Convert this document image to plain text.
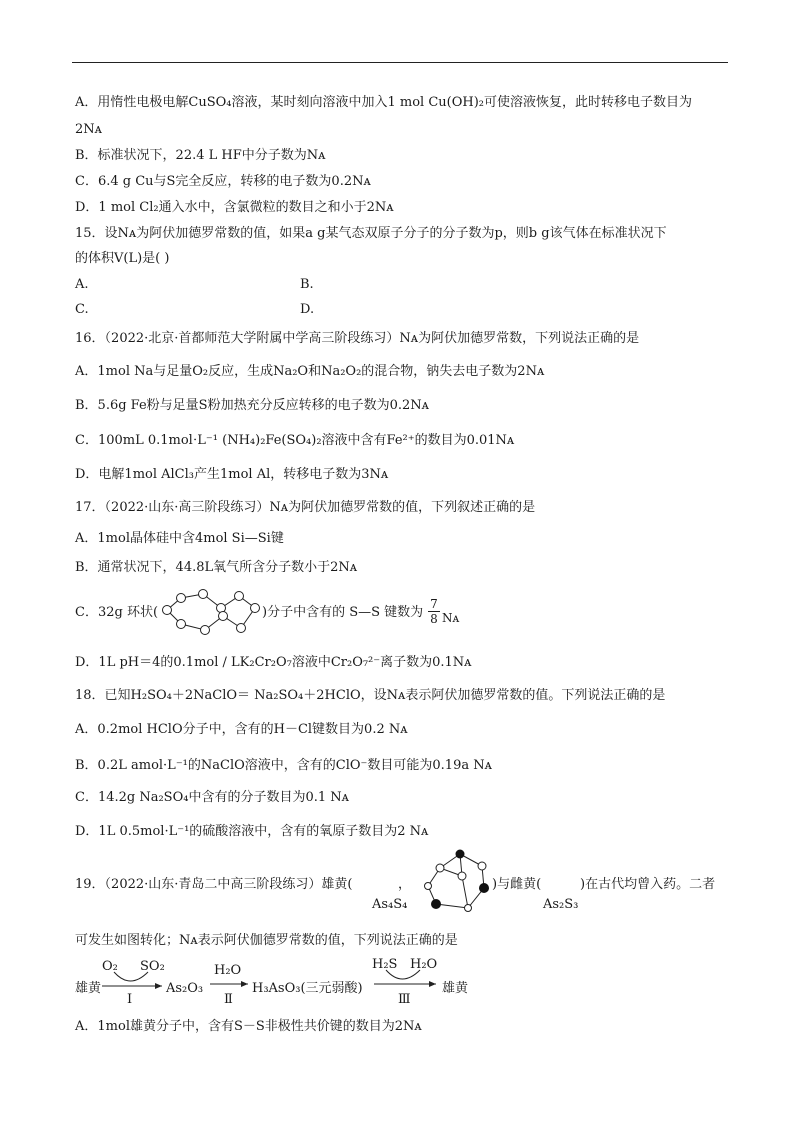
A．用惰性电极电解CuSO₄溶液，某时刻向溶液中加入1 mol Cu(OH)₂可使溶液恢复，此时转移电子数目为
2Nᴀ
B．标准状况下，22.4 L HF中分子数为Nᴀ
C．6.4 g Cu与S完全反应，转移的电子数为0.2Nᴀ
D．1 mol Cl₂通入水中，含氯微粒的数目之和小于2Nᴀ
15．设Nᴀ为阿伏加德罗常数的值，如果a g某气态双原子分子的分子数为p，则b g该气体在标准状况下
的体积V(L)是( )
A.	B.
C.	D.
16．（2022·北京·首都师范大学附属中学高三阶段练习）Nᴀ为阿伏加德罗常数，下列说法正确的是
A．1mol Na与足量O₂反应，生成Na₂O和Na₂O₂的混合物，钠失去电子数为2Nᴀ
B．5.6g Fe粉与足量S粉加热充分反应转移的电子数为0.2Nᴀ
C．100mL 0.1mol⋅L⁻¹ (NH₄)₂Fe(SO₄)₂溶液中含有Fe²⁺的数目为0.01Nᴀ
D．电解1mol AlCl₃产生1mol Al，转移电子数为3Nᴀ
17．（2022·山东·高三阶段练习）Nᴀ为阿伏加德罗常数的值，下列叙述正确的是
A．1mol晶体硅中含4mol Si—Si键
B．通常状况下，44.8L氧气所含分子数小于2Nᴀ
C．32g 环状(	)分子中含有的 S—S 键数为 $\frac{7}{8}$ Nᴀ
D．1L pH＝4的0.1mol / LK₂Cr₂O₇溶液中Cr₂O₇²⁻离子数为0.1Nᴀ
18．已知H₂SO₄＋2NaClO＝ Na₂SO₄＋2HClO，设Nᴀ表示阿伏加德罗常数的值。下列说法正确的是
A．0.2mol HClO分子中，含有的H－Cl键数目为0.2 Nᴀ
B．0.2L amol·L⁻¹的NaClO溶液中，含有的ClO⁻数目可能为0.19a Nᴀ
C．14.2g Na₂SO₄中含有的分子数目为0.1 Nᴀ
D．1L 0.5mol·L⁻¹的硫酸溶液中，含有的氧原子数目为2 Nᴀ
19．（2022·山东·青岛二中高三阶段练习）雄黄(	，
As₄S₄
)与雌黄(	)在古代均曾入药。二者
As₂S₃
可发生如图转化；Nᴀ表示阿伏伽德罗常数的值，下列说法正确的是
雄黄
O₂ SO₂
Ⅰ
As₂O₃
H₂O
Ⅱ
H₃AsO₃(三元弱酸)
H₂S H₂O
Ⅲ
雄黄
A．1mol雄黄分子中，含有S－S非极性共价键的数目为2Nᴀ
